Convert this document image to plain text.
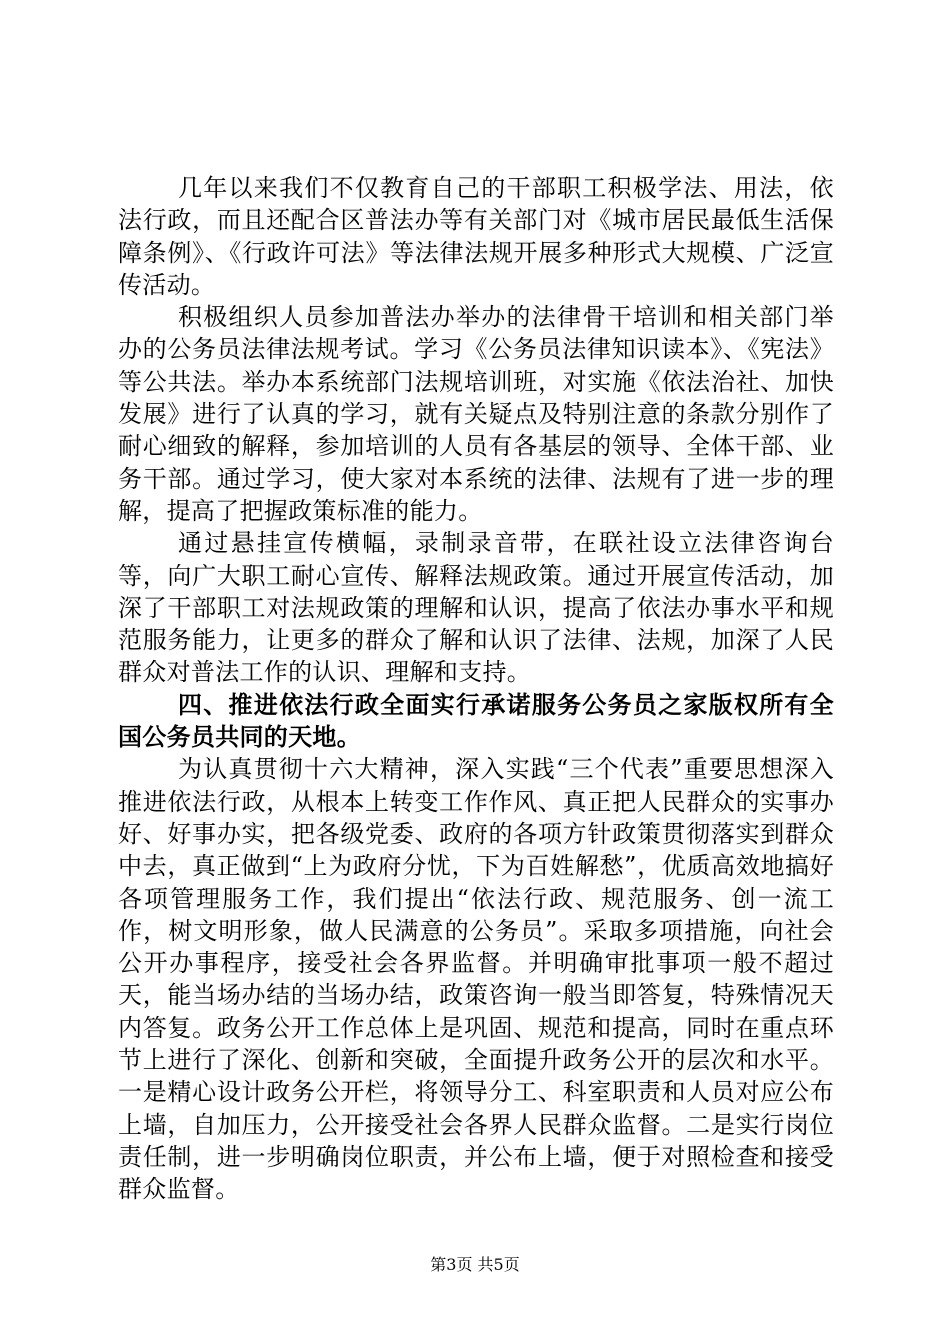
几年以来我们不仅教育自己的干部职工积极学法、用法，依法行政，而且还配合区普法办等有关部门对《城市居民最低生活保障条例》、《行政许可法》等法律法规开展多种形式大规模、广泛宣传活动。

积极组织人员参加普法办举办的法律骨干培训和相关部门举办的公务员法律法规考试。学习《公务员法律知识读本》、《宪法》等公共法。举办本系统部门法规培训班，对实施《依法治社、加快发展》进行了认真的学习，就有关疑点及特别注意的条款分别作了耐心细致的解释，参加培训的人员有各基层的领导、全体干部、业务干部。通过学习，使大家对本系统的法律、法规有了进一步的理解，提高了把握政策标准的能力。

通过悬挂宣传横幅，录制录音带，在联社设立法律咨询台等，向广大职工耐心宣传、解释法规政策。通过开展宣传活动，加深了干部职工对法规政策的理解和认识，提高了依法办事水平和规范服务能力，让更多的群众了解和认识了法律、法规，加深了人民群众对普法工作的认识、理解和支持。

四、推进依法行政全面实行承诺服务公务员之家版权所有全国公务员共同的天地。

为认真贯彻十六大精神，深入实践“三个代表”重要思想深入推进依法行政，从根本上转变工作作风、真正把人民群众的实事办好、好事办实，把各级党委、政府的各项方针政策贯彻落实到群众中去，真正做到“上为政府分忧，下为百姓解愁”，优质高效地搞好各项管理服务工作，我们提出“依法行政、规范服务、创一流工作，树文明形象，做人民满意的公务员”。采取多项措施，向社会公开办事程序，接受社会各界监督。并明确审批事项一般不超过天，能当场办结的当场办结，政策咨询一般当即答复，特殊情况天内答复。政务公开工作总体上是巩固、规范和提高，同时在重点环节上进行了深化、创新和突破，全面提升政务公开的层次和水平。一是精心设计政务公开栏，将领导分工、科室职责和人员对应公布上墙，自加压力，公开接受社会各界人民群众监督。二是实行岗位责任制，进一步明确岗位职责，并公布上墙，便于对照检查和接受群众监督。

第3页 共5页
